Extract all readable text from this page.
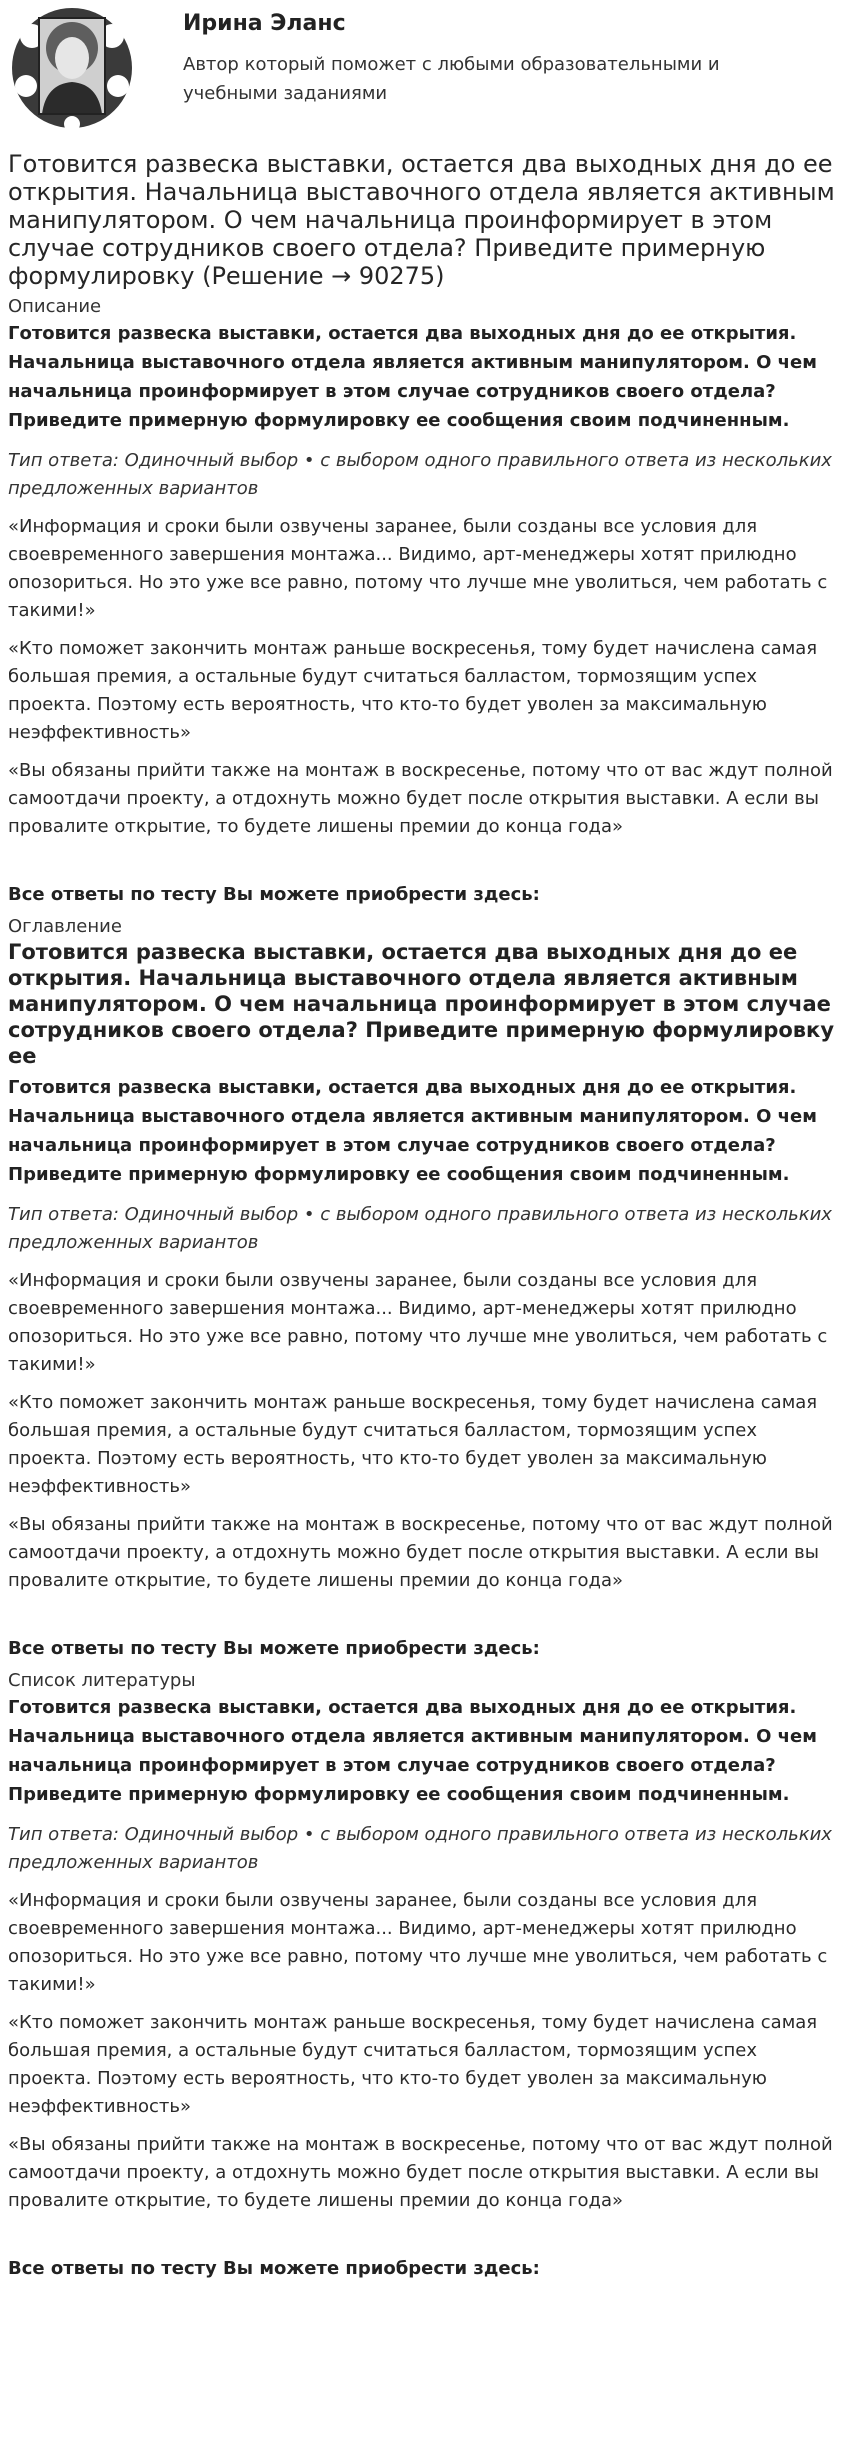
Ирина Эланс

Автор который поможет с любыми образовательными и учебными заданиями

Готовится развеска выставки, остается два выходных дня до ее открытия. Начальница выставочного отдела является активным манипулятором. О чем начальница проинформирует в этом случае сотрудников своего отдела? Приведите примерную формулировку (Решение → 90275)

Описание

Готовится развеска выставки, остается два выходных дня до ее открытия. Начальница выставочного отдела является активным манипулятором. О чем начальница проинформирует в этом случае сотрудников своего отдела? Приведите примерную формулировку ее сообщения своим подчиненным.

Тип ответа: Одиночный выбор • с выбором одного правильного ответа из нескольких предложенных вариантов

«Информация и сроки были озвучены заранее, были созданы все условия для своевременного завершения монтажа... Видимо, арт-менеджеры хотят прилюдно опозориться. Но это уже все равно, потому что лучше мне уволиться, чем работать с такими!»

«Кто поможет закончить монтаж раньше воскресенья, тому будет начислена самая большая премия, а остальные будут считаться балластом, тормозящим успех проекта. Поэтому есть вероятность, что кто-то будет уволен за максимальную неэффективность»

«Вы обязаны прийти также на монтаж в воскресенье, потому что от вас ждут полной самоотдачи проекту, а отдохнуть можно будет после открытия выставки. А если вы провалите открытие, то будете лишены премии до конца года»

Все ответы по тесту Вы можете приобрести здесь:

Оглавление

Готовится развеска выставки, остается два выходных дня до ее открытия. Начальница выставочного отдела является активным манипулятором. О чем начальница проинформирует в этом случае сотрудников своего отдела? Приведите примерную формулировку ее

Готовится развеска выставки, остается два выходных дня до ее открытия. Начальница выставочного отдела является активным манипулятором. О чем начальница проинформирует в этом случае сотрудников своего отдела? Приведите примерную формулировку ее сообщения своим подчиненным.

Тип ответа: Одиночный выбор • с выбором одного правильного ответа из нескольких предложенных вариантов

«Информация и сроки были озвучены заранее, были созданы все условия для своевременного завершения монтажа... Видимо, арт-менеджеры хотят прилюдно опозориться. Но это уже все равно, потому что лучше мне уволиться, чем работать с такими!»

«Кто поможет закончить монтаж раньше воскресенья, тому будет начислена самая большая премия, а остальные будут считаться балластом, тормозящим успех проекта. Поэтому есть вероятность, что кто-то будет уволен за максимальную неэффективность»

«Вы обязаны прийти также на монтаж в воскресенье, потому что от вас ждут полной самоотдачи проекту, а отдохнуть можно будет после открытия выставки. А если вы провалите открытие, то будете лишены премии до конца года»

Все ответы по тесту Вы можете приобрести здесь:

Список литературы

Готовится развеска выставки, остается два выходных дня до ее открытия. Начальница выставочного отдела является активным манипулятором. О чем начальница проинформирует в этом случае сотрудников своего отдела? Приведите примерную формулировку ее сообщения своим подчиненным.

Тип ответа: Одиночный выбор • с выбором одного правильного ответа из нескольких предложенных вариантов

«Информация и сроки были озвучены заранее, были созданы все условия для своевременного завершения монтажа... Видимо, арт-менеджеры хотят прилюдно опозориться. Но это уже все равно, потому что лучше мне уволиться, чем работать с такими!»

«Кто поможет закончить монтаж раньше воскресенья, тому будет начислена самая большая премия, а остальные будут считаться балластом, тормозящим успех проекта. Поэтому есть вероятность, что кто-то будет уволен за максимальную неэффективность»

«Вы обязаны прийти также на монтаж в воскресенье, потому что от вас ждут полной самоотдачи проекту, а отдохнуть можно будет после открытия выставки. А если вы провалите открытие, то будете лишены премии до конца года»

Все ответы по тесту Вы можете приобрести здесь:
